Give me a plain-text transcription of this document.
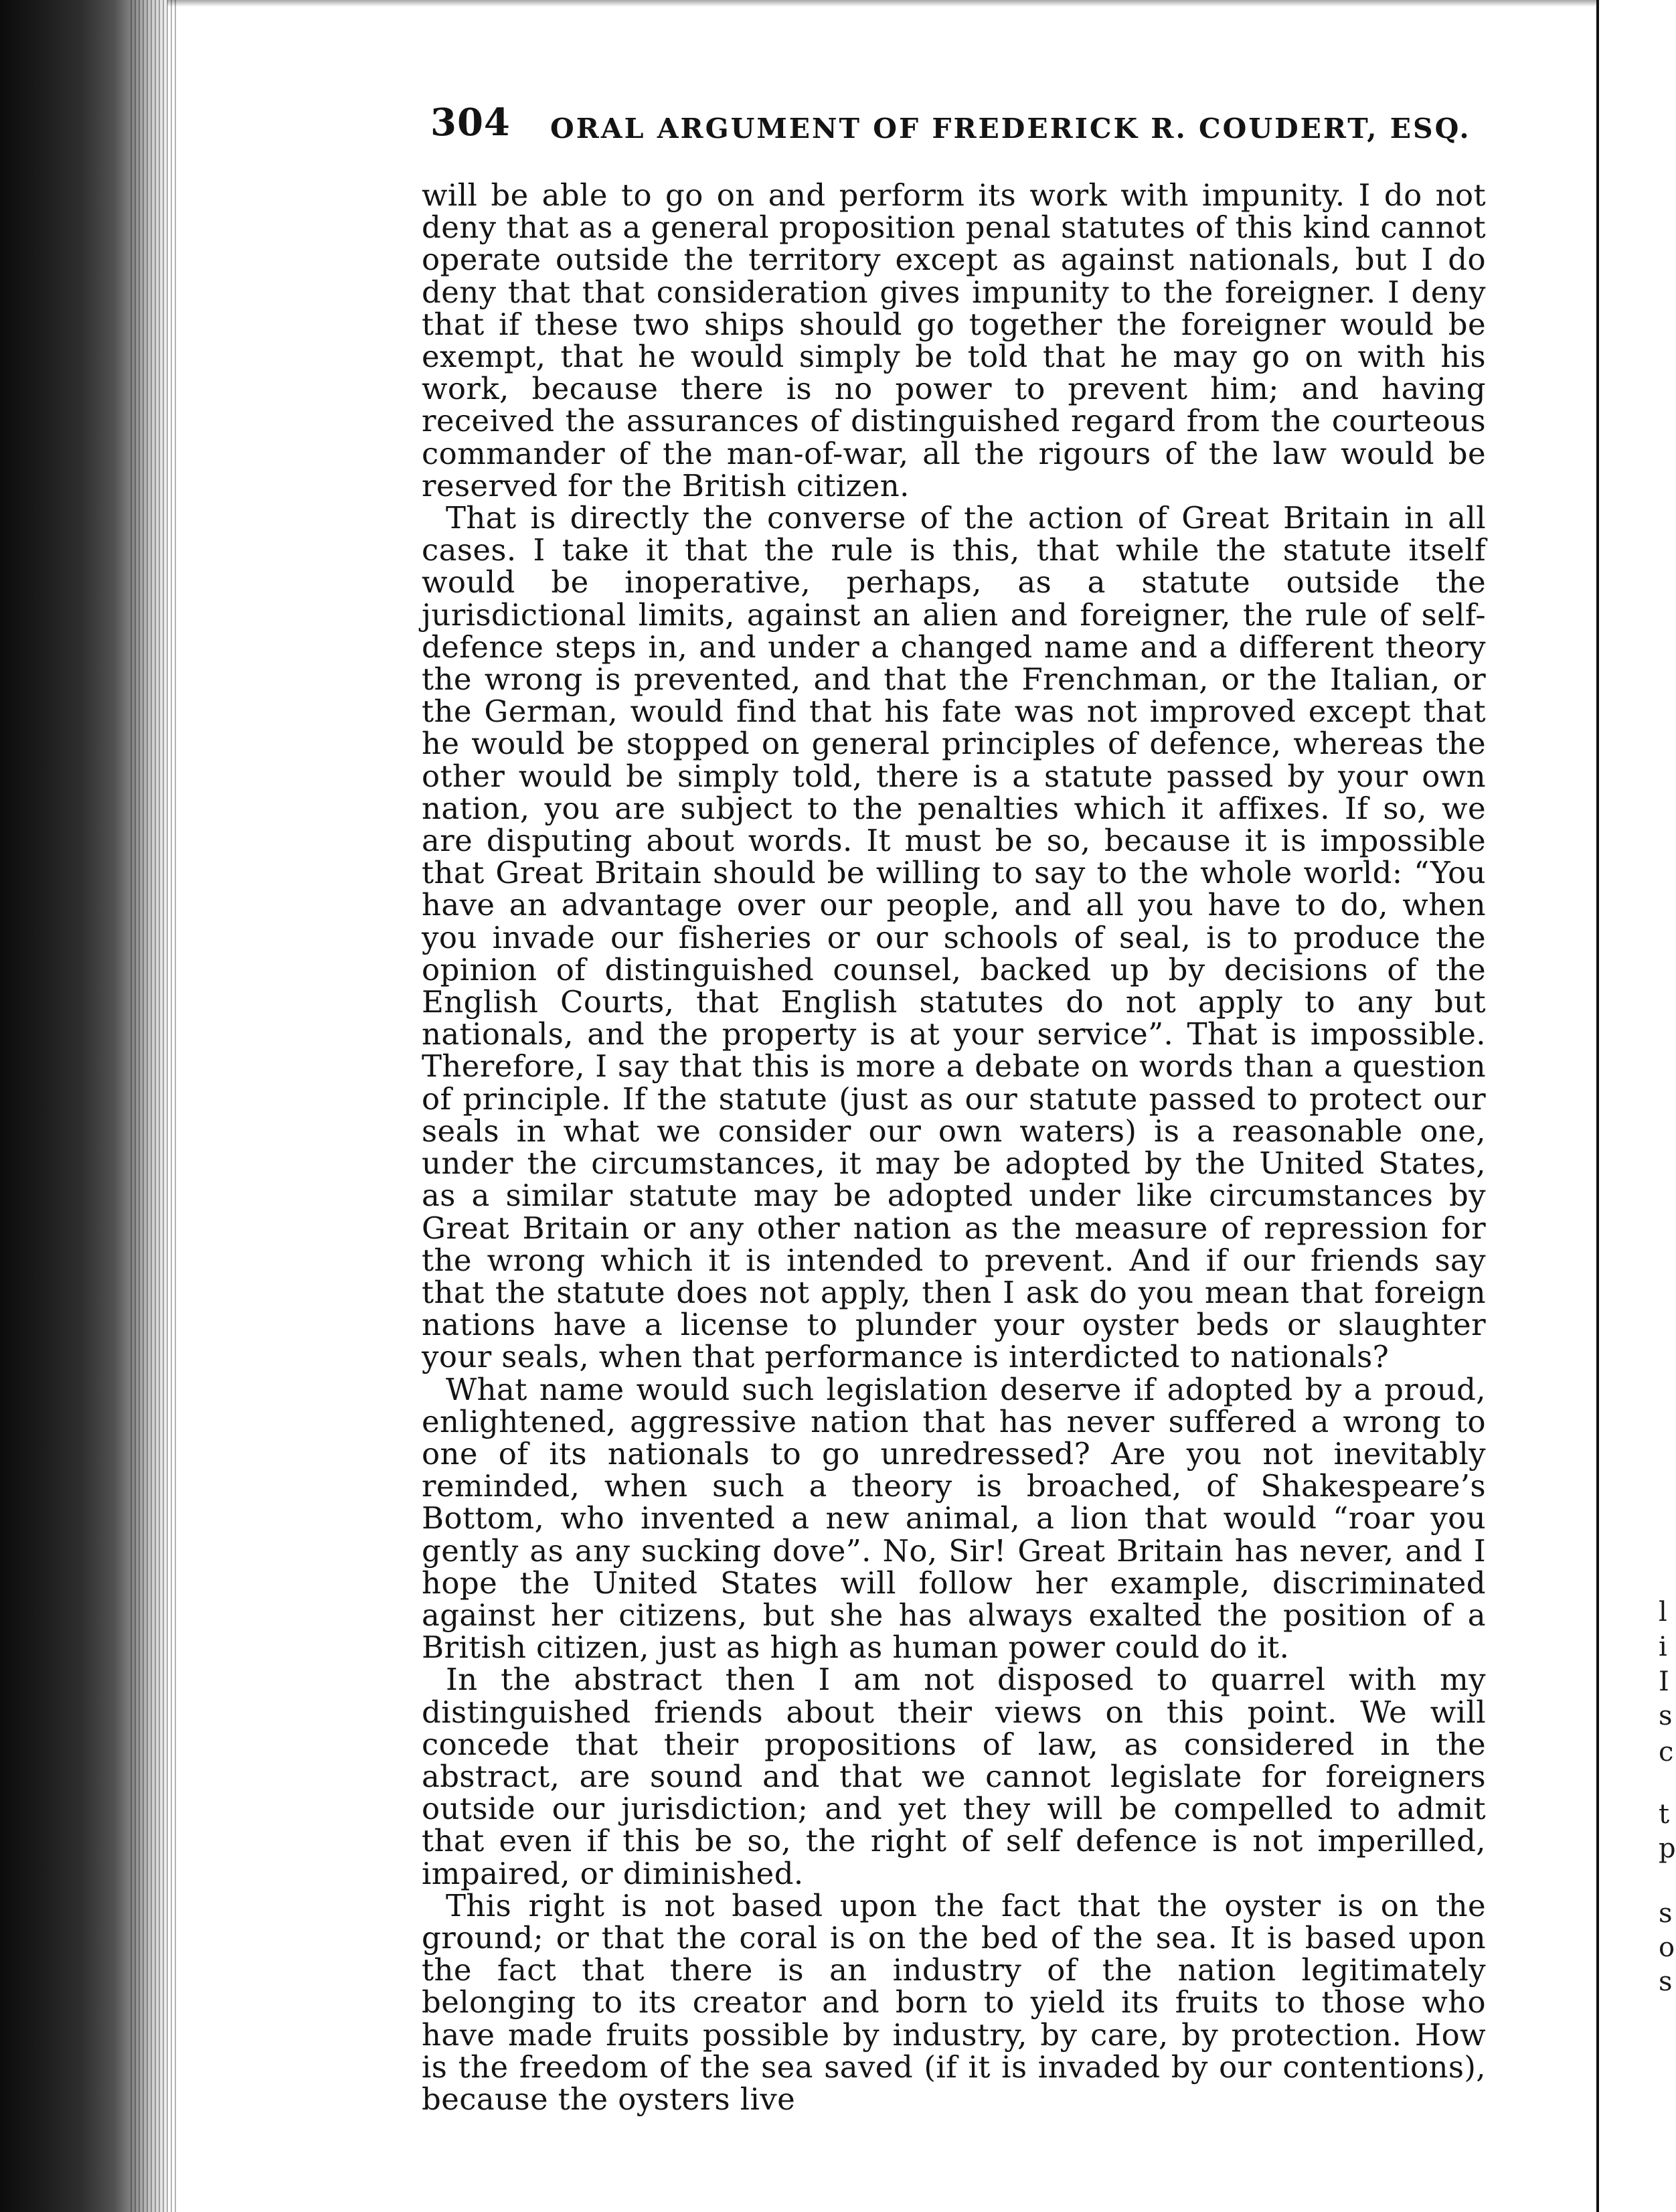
l
i
I
s
c
t
p
s
o
s
304 ORAL ARGUMENT OF FREDERICK R. COUDERT, ESQ.

will be able to go on and perform its work with impunity. I do not deny that as a general proposition penal statutes of this kind cannot operate outside the territory except as against nationals, but I do deny that that consideration gives impunity to the foreigner. I deny that if these two ships should go together the foreigner would be exempt, that he would simply be told that he may go on with his work, because there is no power to prevent him; and having received the assurances of distinguished regard from the courteous commander of the man-of-war, all the rigours of the law would be reserved for the British citizen.

That is directly the converse of the action of Great Britain in all cases. I take it that the rule is this, that while the statute itself would be inoperative, perhaps, as a statute outside the jurisdictional limits, against an alien and foreigner, the rule of self-defence steps in, and under a changed name and a different theory the wrong is prevented, and that the Frenchman, or the Italian, or the German, would find that his fate was not improved except that he would be stopped on general principles of defence, whereas the other would be simply told, there is a statute passed by your own nation, you are subject to the penalties which it affixes. If so, we are disputing about words. It must be so, because it is impossible that Great Britain should be willing to say to the whole world: “You have an advantage over our people, and all you have to do, when you invade our fisheries or our schools of seal, is to produce the opinion of distinguished counsel, backed up by decisions of the English Courts, that English statutes do not apply to any but nationals, and the property is at your service”. That is impossible. Therefore, I say that this is more a debate on words than a question of principle. If the statute (just as our statute passed to protect our seals in what we consider our own waters) is a reasonable one, under the circumstances, it may be adopted by the United States, as a similar statute may be adopted under like circumstances by Great Britain or any other nation as the measure of repression for the wrong which it is intended to prevent. And if our friends say that the statute does not apply, then I ask do you mean that foreign nations have a license to plunder your oyster beds or slaughter your seals, when that performance is interdicted to nationals?

What name would such legislation deserve if adopted by a proud, enlightened, aggressive nation that has never suffered a wrong to one of its nationals to go unredressed? Are you not inevitably reminded, when such a theory is broached, of Shakespeare’s Bottom, who invented a new animal, a lion that would “roar you gently as any sucking dove”. No, Sir! Great Britain has never, and I hope the United States will follow her example, discriminated against her citizens, but she has always exalted the position of a British citizen, just as high as human power could do it.

In the abstract then I am not disposed to quarrel with my distinguished friends about their views on this point. We will concede that their propositions of law, as considered in the abstract, are sound and that we cannot legislate for foreigners outside our jurisdiction; and yet they will be compelled to admit that even if this be so, the right of self defence is not imperilled, impaired, or diminished.

This right is not based upon the fact that the oyster is on the ground; or that the coral is on the bed of the sea. It is based upon the fact that there is an industry of the nation legitimately belonging to its creator and born to yield its fruits to those who have made fruits possible by industry, by care, by protection. How is the freedom of the sea saved (if it is invaded by our contentions), because the oysters live
